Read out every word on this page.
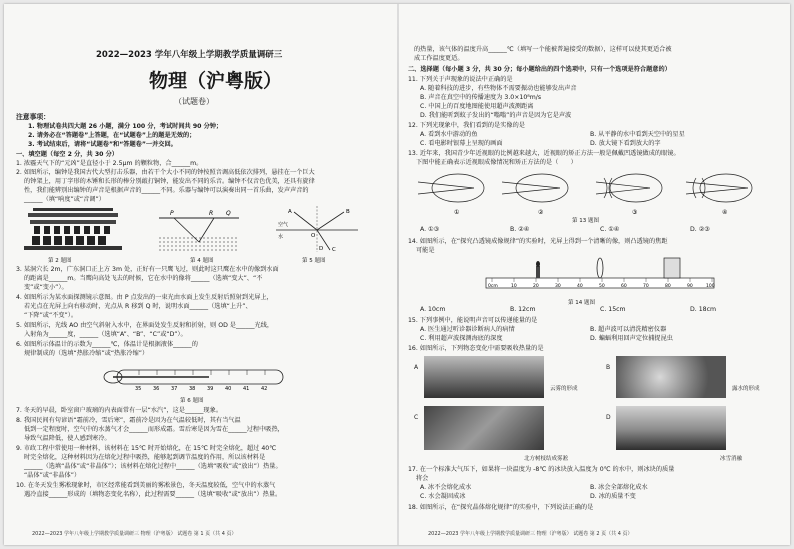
2022—2023 学年八年级上学期教学质量调研三
物理（沪粤版）
（试题卷）
注意事项：
1. 物理试卷共四大题 26 小题，满分 100 分，考试时间共 90 分钟；
2. 请务必在“答题卷”上答题，在“试题卷”上的题是无效的；
3. 考试结束后，请将“试题卷”和“答题卷”一并交回。
一、填空题（每空 2 分，共 30 分）
1. 浓霾天气下的“元凶”是直径小于 2.5μm 的颗粒物，合______m。
2. 如图所示，编钟是我国古代大型打击乐器，由若干个大小不同的钟按照音调高低依次排列，悬挂在一个巨大
的钟架上，用丁字形的木锤和长形的棒分别敲打铜钟，能发出不同的乐音。编钟不仅音色优美，还具有旋律
性，我们能辨别出编钟的声音是根据声音的______不同。乐器与编钟可以演奏出同一首乐曲，发声声音的
______（填“响度”或“音调”）
第 2 题图
P	R Q
第 4 题图
A	B
C
D
O
空气
水
第 5 题图
3. 某洞穴长 2m，广东洞口正上方 3m 处，正好有一只鹰飞过，则此时这只鹰在水中的像到水面
的距离是______m。当鹰向高处飞去的时候，它在水中的像将______（选填“变大”、“不
变”或“变小”）。
4. 如图所示为某水面探测镜示意图。由 P 点发出的一束光由水面上发生反射后照射到光屏上，
若光点在光屏上向右移动时，光点从 R 移到 Q 时，说明水面______（选填“上升”、
“下降”或“不变”）。
5. 如图所示，光线 AO 由空气斜射入水中，在界面处发生反射和折射，则 OD 是______光线，
入射角为______度，______（选填“A”、“B”、“C”或“D”）。
6. 如图所示体温计的示数为______℃，体温计是根据液体______的
规律制成的（选填“热胀冷缩”或“热胀冷缩”）
35 36 37 38 39 40 41 42
第 6 题图
7. 冬天的早晨，卧室窗户玻璃的内表面常有一层“水汽”，这是______现象。
8. 我国民间有句谚语“霜前冷，雪后寒”，霜前冷是因为在气温较低时，其有当气温
低到一定程度时，空气中的水蒸气才会______而形成霜。雪后寒是因为雪在______过程中吸热，
导致气温降低，使人感到寒冷。
9. 市政工程中常使用一种材料，该材料在 15℃ 时开始熔化，在 15℃ 时完全熔化，超过 40℃
时完全熔化，这种材料因为在熔化过程中吸热，能够起到调节温度的作用，所以该材料是
______（选填“晶体”或“非晶体”）；该材料在熔化过程中______（选填“吸收”或“放出”）热量。
“晶体”或“非晶体”）
10. 在冬天发生雾凇现象时，市区经常能看到美丽的雾凇景色，冬天温度较低，空气中的水蒸气
遇冷直接______形成的（填物态变化名称），此过程需要______（选填“吸收”或“放出”）热量。
2022—2023 学年八年级上学期教学质量调研三 物理（沪粤版） 试题卷 第 1 页（共 4 页）
的热量，该气体的温度升高______℃（填写一个能被普遍接受的数据），这样可以使其更适合被
成工作温度更适。
二、选择题（每小题 3 分，共 30 分；每小题给出的四个选项中，只有一个选项是符合题意的）
11. 下列关于声现象的说法中正确的是
A. 随着科技的进步，有些物体不需要振动也能够发出声音
B. 声音在真空中的传播速度为 3.0×10⁸m/s
C. 中国上的百度地图能使用超声波测距离
D. 我们能听到蚊子发出的“嗡嗡”的声音是因为它是声波
12. 下列光现象中，我们看到的是实像的是
A. 看到水中游动的鱼	B. 从平静的水中看到天空中的星星
C. 看电影时银幕上呈现的画面	D. 放大镜下看到放大的字
13. 近年来，我国青少年近视眼的比例越来越大，近视眼的矫正方法一般是佩戴凹透镜做成的眼镜。
下图中能正确表示近视眼成像情况和矫正方法的是（　　）
①	②	③	④
A. ①③	B. ②④	C. ①④	D. ②③
第 13 题图
14. 如图所示，在“探究凸透镜成像规律”的实验时，光屏上得到一个清晰的像，则凸透镜的焦距
可能是
0cm	10	20	30	40	50	60	70	80	90	100
第 14 题图
A. 10cm	B. 12cm	C. 15cm	D. 18cm
15. 下列事例中，能说明声音可以传递能量的是
A. 医生通过听诊器诊断病人的病情	B. 超声波可以清洗精密仪器
C. 利用超声波探测海底的深度	D. 蝙蝠利用回声定位捕捉昆虫
16. 如图所示，下列物态变化中需要吸收热量的是
A
云雾的形成
B
露水的形成
C
北方树枝结成雾凇
D
冰雪消融
17. 在一个标准大气压下，如果将一块温度为 -8℃ 的冰块放入温度为 0℃ 的水中，则冰块的质量
将会
A. 冰不会熔化成水	B. 冰会全部熔化成水
C. 水会凝固成冰	D. 冰的质量不变
18. 如图所示，在“探究晶体熔化规律”的实验中，下列说法正确的是
2022—2023 学年八年级上学期教学质量调研三 物理（沪粤版） 试题卷 第 2 页（共 4 页）
